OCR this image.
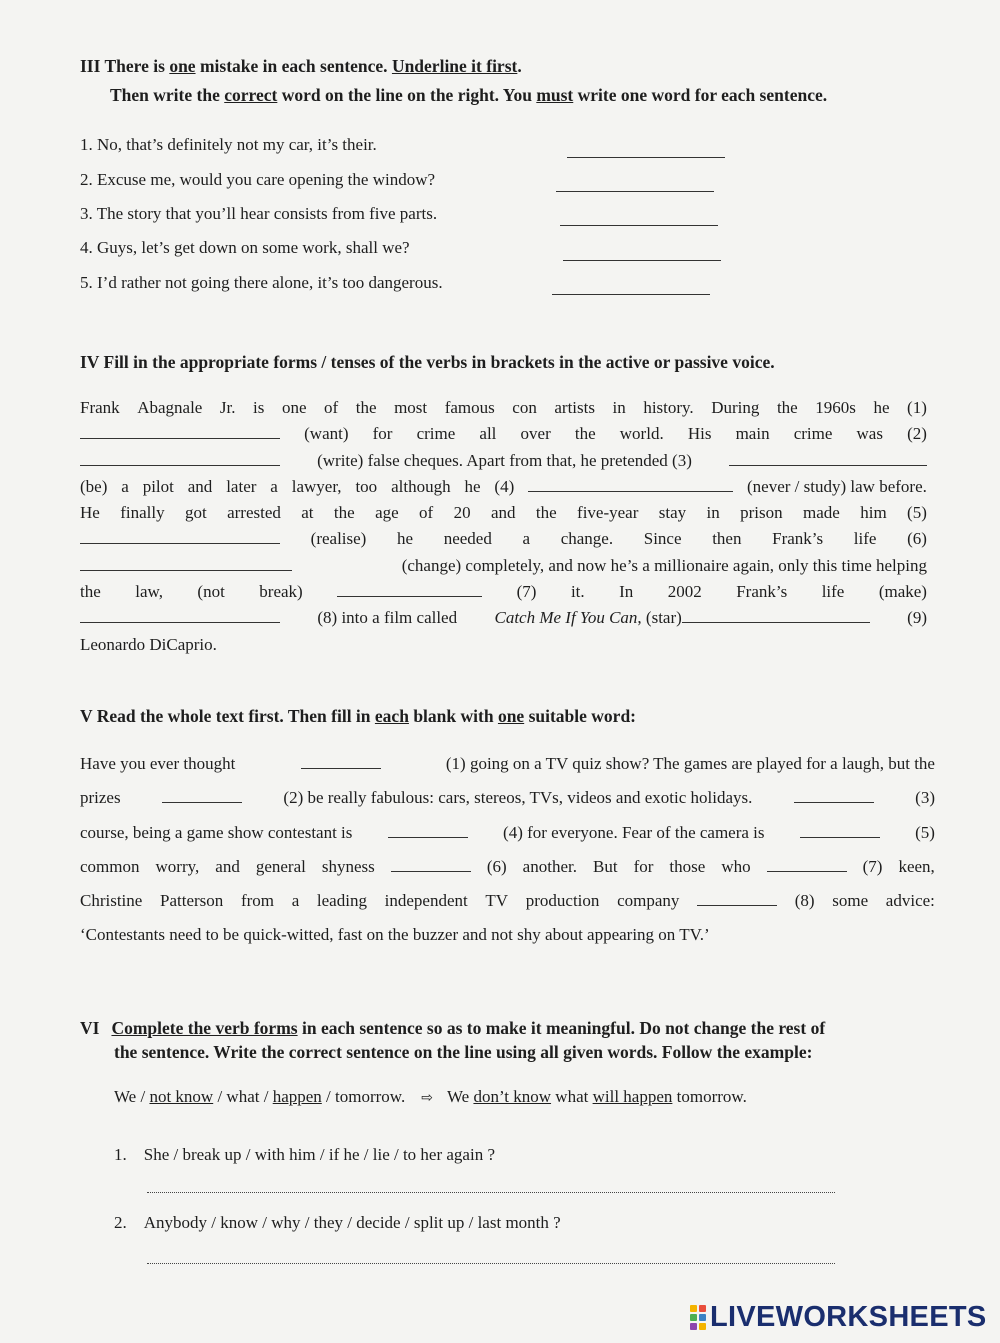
III There is one mistake in each sentence. Underline it first.
Then write the correct word on the line on the right. You must write one word for each sentence.
1. No, that’s definitely not my car, it’s their.
2. Excuse me, would you care opening the window?
3. The story that you’ll hear consists from five parts.
4. Guys, let’s get down on some work, shall we?
5. I’d rather not going there alone, it’s too dangerous.
IV Fill in the appropriate forms / tenses of the verbs in brackets in the active or passive voice.
Frank Abagnale Jr. is one of the most famous con artists in history. During the 1960s he (1)
(want) for crime all over the world. His main crime was (2)
(write) false cheques. Apart from that, he pretended (3)
(be) a pilot and later a lawyer, too although he (4)	(never / study) law before.
He finally got arrested at the age of 20 and the five-year stay in prison made him (5)
(realise) he needed a change. Since then Frank’s life (6)
(change) completely, and now he’s a millionaire again, only this time helping
the law, (not break)	(7) it. In 2002 Frank’s life (make)
(8) into a film called Catch Me If You Can, (star)	(9)
Leonardo DiCaprio.
V Read the whole text first. Then fill in each blank with one suitable word:
Have you ever thought	(1) going on a TV quiz show? The games are played for a laugh, but the
prizes	(2) be really fabulous: cars, stereos, TVs, videos and exotic holidays.	(3)
course, being a game show contestant is	(4) for everyone. Fear of the camera is	(5)
common worry, and general shyness	(6) another. But for those who	(7) keen,
Christine Patterson from a leading independent TV production company	(8) some advice:
‘Contestants need to be quick-witted, fast on the buzzer and not shy about appearing on TV.’
VI Complete the verb forms in each sentence so as to make it meaningful. Do not change the rest of
the sentence. Write the correct sentence on the line using all given words. Follow the example:
We / not know / what / happen / tomorrow. ⇨ We don’t know what will happen tomorrow.
1. She / break up / with him / if he / lie / to her again ?
2. Anybody / know / why / they / decide / split up / last month ?
LIVEWORKSHEETS
